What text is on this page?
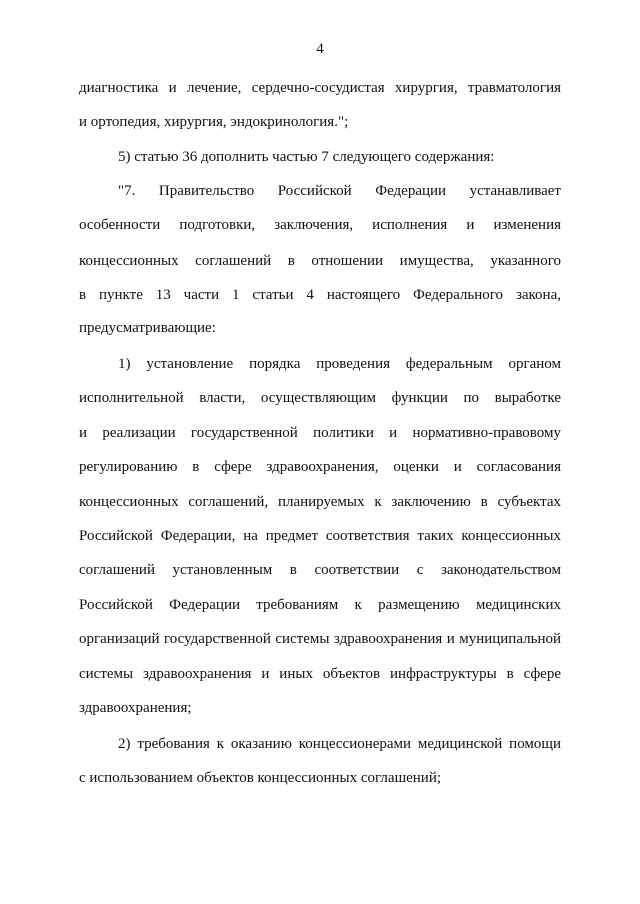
4
диагностика и лечение, сердечно-сосудистая хирургия, травматология
и ортопедия, хирургия, эндокринология.";
5) статью 36 дополнить частью 7 следующего содержания:
"7. Правительство Российской Федерации устанавливает
особенности подготовки, заключения, исполнения и изменения
концессионных соглашений в отношении имущества, указанного
в пункте 13 части 1 статьи 4 настоящего Федерального закона,
предусматривающие:
1) установление порядка проведения федеральным органом
исполнительной власти, осуществляющим функции по выработке
и реализации государственной политики и нормативно-правовому
регулированию в сфере здравоохранения, оценки и согласования
концессионных соглашений, планируемых к заключению в субъектах
Российской Федерации, на предмет соответствия таких концессионных
соглашений установленным в соответствии с законодательством
Российской Федерации требованиям к размещению медицинских
организаций государственной системы здравоохранения и муниципальной
системы здравоохранения и иных объектов инфраструктуры в сфере
здравоохранения;
2) требования к оказанию концессионерами медицинской помощи
с использованием объектов концессионных соглашений;
